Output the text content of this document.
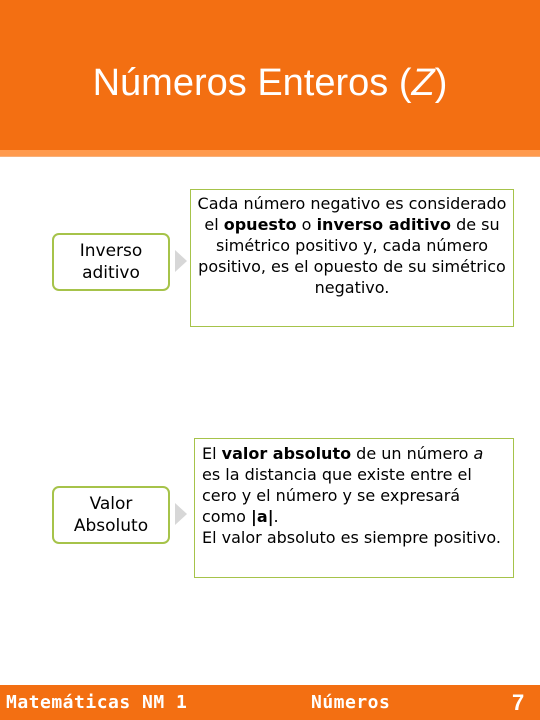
Números Enteros (Z)
Inverso
aditivo
Cada número negativo es considerado el opuesto o inverso aditivo de su simétrico positivo y, cada número positivo, es el opuesto de su simétrico negativo.
Valor
Absoluto
El valor absoluto de un número a es la distancia que existe entre el cero y el número y se expresará como |a|.
El valor absoluto es siempre positivo.
Matemáticas NM 1	Números	7
